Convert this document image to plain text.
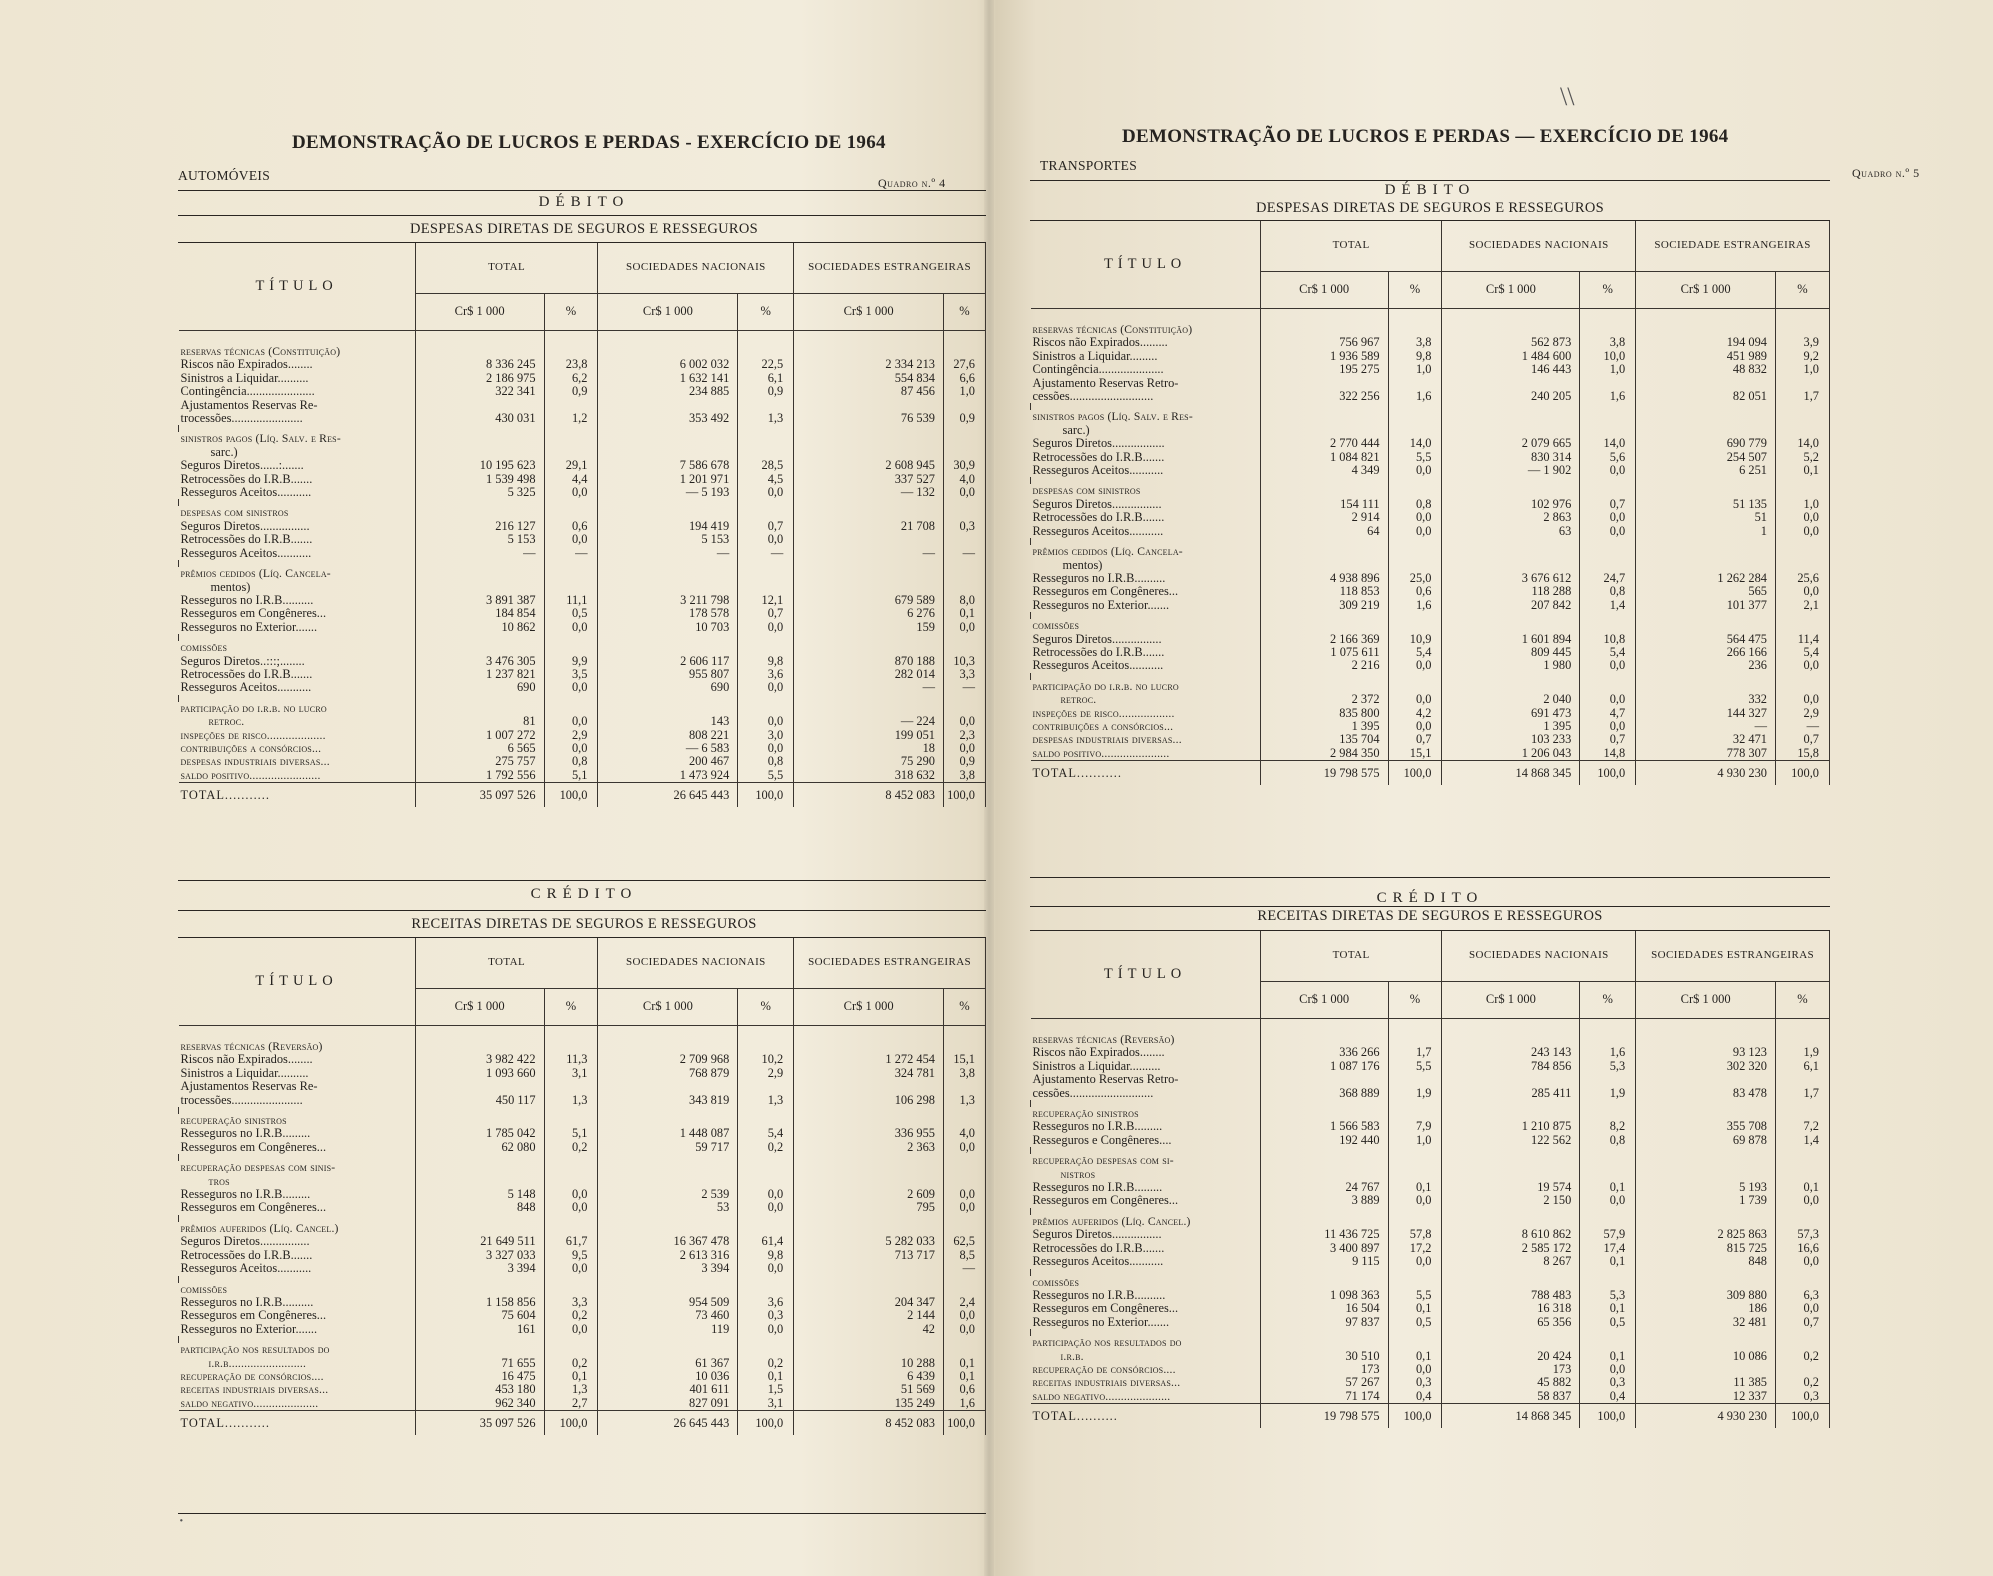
DEMONSTRAÇÃO DE LUCROS E PERDAS - EXERCÍCIO DE 1964
AUTOMÓVEIS	Quadro n.º 4
DÉBITO
DESPESAS DIRETAS DE SEGUROS E RESSEGUROS
TÍTULO	TOTAL		SOCIEDADES NACIONAIS		SOCIEDADES ESTRANGEIRAS	
	Cr$ 1 000	%	Cr$ 1 000	%	Cr$ 1 000	%
reservas técnicas (Constituição)						
Riscos não Expirados........	8 336 245	23,8	6 002 032	22,5	2 334 213	27,6
Sinistros a Liquidar..........	2 186 975	6,2	1 632 141	6,1	554 834	6,6
Contingência......................	322 341	0,9	234 885	0,9	87 456	1,0
Ajustamentos Reservas Re-						
trocessões.......................	430 031	1,2	353 492	1,3	76 539	0,9

sinistros pagos (Líq. Salv. e Res-						
sarc.)						
Seguros Diretos......:.......	10 195 623	29,1	7 586 678	28,5	2 608 945	30,9
Retrocessões do I.R.B.......	1 539 498	4,4	1 201 971	4,5	337 527	4,0
Resseguros Aceitos...........	5 325	0,0	— 5 193	0,0	— 132	0,0

despesas com sinistros						
Seguros Diretos................	216 127	0,6	194 419	0,7	21 708	0,3
Retrocessões do I.R.B.......	5 153	0,0	5 153	0,0		
Resseguros Aceitos...........	—	—	—	—	—	—

prêmios cedidos (Líq. Cancela-						
mentos)						
Resseguros no I.R.B..........	3 891 387	11,1	3 211 798	12,1	679 589	8,0
Resseguros em Congêneres...	184 854	0,5	178 578	0,7	6 276	0,1
Resseguros no Exterior.......	10 862	0,0	10 703	0,0	159	0,0

comissões						
Seguros Diretos..:::;........	3 476 305	9,9	2 606 117	9,8	870 188	10,3
Retrocessões do I.R.B.......	1 237 821	3,5	955 807	3,6	282 014	3,3
Resseguros Aceitos...........	690	0,0	690	0,0	—	—

participação do i.r.b. no lucro						
retroc.	81	0,0	143	0,0	— 224	0,0
inspeções de risco...................	1 007 272	2,9	808 221	3,0	199 051	2,3
contribuições a consórcios...	6 565	0,0	— 6 583	0,0	18	0,0
despesas industriais diversas...	275 757	0,8	200 467	0,8	75 290	0,9
saldo positivo.......................	1 792 556	5,1	1 473 924	5,5	318 632	3,8
TOTAL...........	35 097 526	100,0	26 645 443	100,0	8 452 083	100,0
CRÉDITO
RECEITAS DIRETAS DE SEGUROS E RESSEGUROS
TÍTULO	TOTAL		SOCIEDADES NACIONAIS		SOCIEDADES ESTRANGEIRAS	
	Cr$ 1 000	%	Cr$ 1 000	%	Cr$ 1 000	%
reservas técnicas (Reversão)						
Riscos não Expirados........	3 982 422	11,3	2 709 968	10,2	1 272 454	15,1
Sinistros a Liquidar..........	1 093 660	3,1	768 879	2,9	324 781	3,8
Ajustamentos Reservas Re-						
trocessões.......................	450 117	1,3	343 819	1,3	106 298	1,3

recuperação sinistros						
Resseguros no I.R.B.........	1 785 042	5,1	1 448 087	5,4	336 955	4,0
Resseguros em Congêneres...	62 080	0,2	59 717	0,2	2 363	0,0

recuperação despesas com sinis-						
tros						
Resseguros no I.R.B.........	5 148	0,0	2 539	0,0	2 609	0,0
Resseguros em Congêneres...	848	0,0	53	0,0	795	0,0

prêmios auferidos (Líq. Cancel.)						
Seguros Diretos................	21 649 511	61,7	16 367 478	61,4	5 282 033	62,5
Retrocessões do I.R.B.......	3 327 033	9,5	2 613 316	9,8	713 717	8,5
Resseguros Aceitos...........	3 394	0,0	3 394	0,0		—

comissões						
Resseguros no I.R.B..........	1 158 856	3,3	954 509	3,6	204 347	2,4
Resseguros em Congêneres...	75 604	0,2	73 460	0,3	2 144	0,0
Resseguros no Exterior.......	161	0,0	119	0,0	42	0,0

participação nos resultados do						
i.r.b.........................	71 655	0,2	61 367	0,2	10 288	0,1
recuperação de consórcios....	16 475	0,1	10 036	0,1	6 439	0,1
receitas industriais diversas...	453 180	1,3	401 611	1,5	51 569	0,6
saldo negativo.....................	962 340	2,7	827 091	3,1	135 249	1,6
TOTAL...........	35 097 526	100,0	26 645 443	100,0	8 452 083	100,0
·
DEMONSTRAÇÃO DE LUCROS E PERDAS — EXERCÍCIO DE 1964
TRANSPORTES	Quadro n.º 5
DÉBITO
DESPESAS DIRETAS DE SEGUROS E RESSEGUROS
TÍTULO	TOTAL		SOCIEDADES NACIONAIS		SOCIEDADE ESTRANGEIRAS	
	Cr$ 1 000	%	Cr$ 1 000	%	Cr$ 1 000	%
reservas técnicas (Constituição)						
Riscos não Expirados.........	756 967	3,8	562 873	3,8	194 094	3,9
Sinistros a Liquidar.........	1 936 589	9,8	1 484 600	10,0	451 989	9,2
Contingência.....................	195 275	1,0	146 443	1,0	48 832	1,0
Ajustamento Reservas Retro-						
cessões...........................	322 256	1,6	240 205	1,6	82 051	1,7

sinistros pagos (Líq. Salv. e Res-						
sarc.)						
Seguros Diretos.................	2 770 444	14,0	2 079 665	14,0	690 779	14,0
Retrocessões do I.R.B.......	1 084 821	5,5	830 314	5,6	254 507	5,2
Resseguros Aceitos...........	4 349	0,0	— 1 902	0,0	6 251	0,1

despesas com sinistros						
Seguros Diretos................	154 111	0,8	102 976	0,7	51 135	1,0
Retrocessões do I.R.B.......	2 914	0,0	2 863	0,0	51	0,0
Resseguros Aceitos...........	64	0,0	63	0,0	1	0,0

prêmios cedidos (Líq. Cancela-						
mentos)						
Resseguros no I.R.B..........	4 938 896	25,0	3 676 612	24,7	1 262 284	25,6
Resseguros em Congêneres...	118 853	0,6	118 288	0,8	565	0,0
Resseguros no Exterior.......	309 219	1,6	207 842	1,4	101 377	2,1

comissões						
Seguros Diretos................	2 166 369	10,9	1 601 894	10,8	564 475	11,4
Retrocessões do I.R.B.......	1 075 611	5,4	809 445	5,4	266 166	5,4
Resseguros Aceitos...........	2 216	0,0	1 980	0,0	236	0,0

participação do i.r.b. no lucro						
retroc.	2 372	0,0	2 040	0,0	332	0,0
inspeções de risco..................	835 800	4,2	691 473	4,7	144 327	2,9
contribuições a consórcios...	1 395	0,0	1 395	0,0	—	—
despesas industriais diversas...	135 704	0,7	103 233	0,7	32 471	0,7
saldo positivo......................	2 984 350	15,1	1 206 043	14,8	778 307	15,8
TOTAL...........	19 798 575	100,0	14 868 345	100,0	4 930 230	100,0
CRÉDITO
RECEITAS DIRETAS DE SEGUROS E RESSEGUROS
TÍTULO	TOTAL		SOCIEDADES NACIONAIS		SOCIEDADES ESTRANGEIRAS	
	Cr$ 1 000	%	Cr$ 1 000	%	Cr$ 1 000	%
reservas técnicas (Reversão)						
Riscos não Expirados........	336 266	1,7	243 143	1,6	93 123	1,9
Sinistros a Liquidar..........	1 087 176	5,5	784 856	5,3	302 320	6,1
Ajustamento Reservas Retro-						
cessões...........................	368 889	1,9	285 411	1,9	83 478	1,7

recuperação sinistros						
Resseguros no I.R.B.........	1 566 583	7,9	1 210 875	8,2	355 708	7,2
Resseguros e Congêneres....	192 440	1,0	122 562	0,8	69 878	1,4

recuperação despesas com si-						
nistros						
Resseguros no I.R.B.........	24 767	0,1	19 574	0,1	5 193	0,1
Resseguros em Congêneres...	3 889	0,0	2 150	0,0	1 739	0,0

prêmios auferidos (Líq. Cancel.)						
Seguros Diretos................	11 436 725	57,8	8 610 862	57,9	2 825 863	57,3
Retrocessões do I.R.B.......	3 400 897	17,2	2 585 172	17,4	815 725	16,6
Resseguros Aceitos...........	9 115	0,0	8 267	0,1	848	0,0

comissões						
Resseguros no I.R.B..........	1 098 363	5,5	788 483	5,3	309 880	6,3
Resseguros em Congêneres...	16 504	0,1	16 318	0,1	186	0,0
Resseguros no Exterior.......	97 837	0,5	65 356	0,5	32 481	0,7

participação nos resultados do						
i.r.b.	30 510	0,1	20 424	0,1	10 086	0,2
recuperação de consórcios....	173	0,0	173	0,0		
receitas industriais diversas...	57 267	0,3	45 882	0,3	11 385	0,2
saldo negativo.....................	71 174	0,4	58 837	0,4	12 337	0,3
TOTAL..........	19 798 575	100,0	14 868 345	100,0	4 930 230	100,0
\\
